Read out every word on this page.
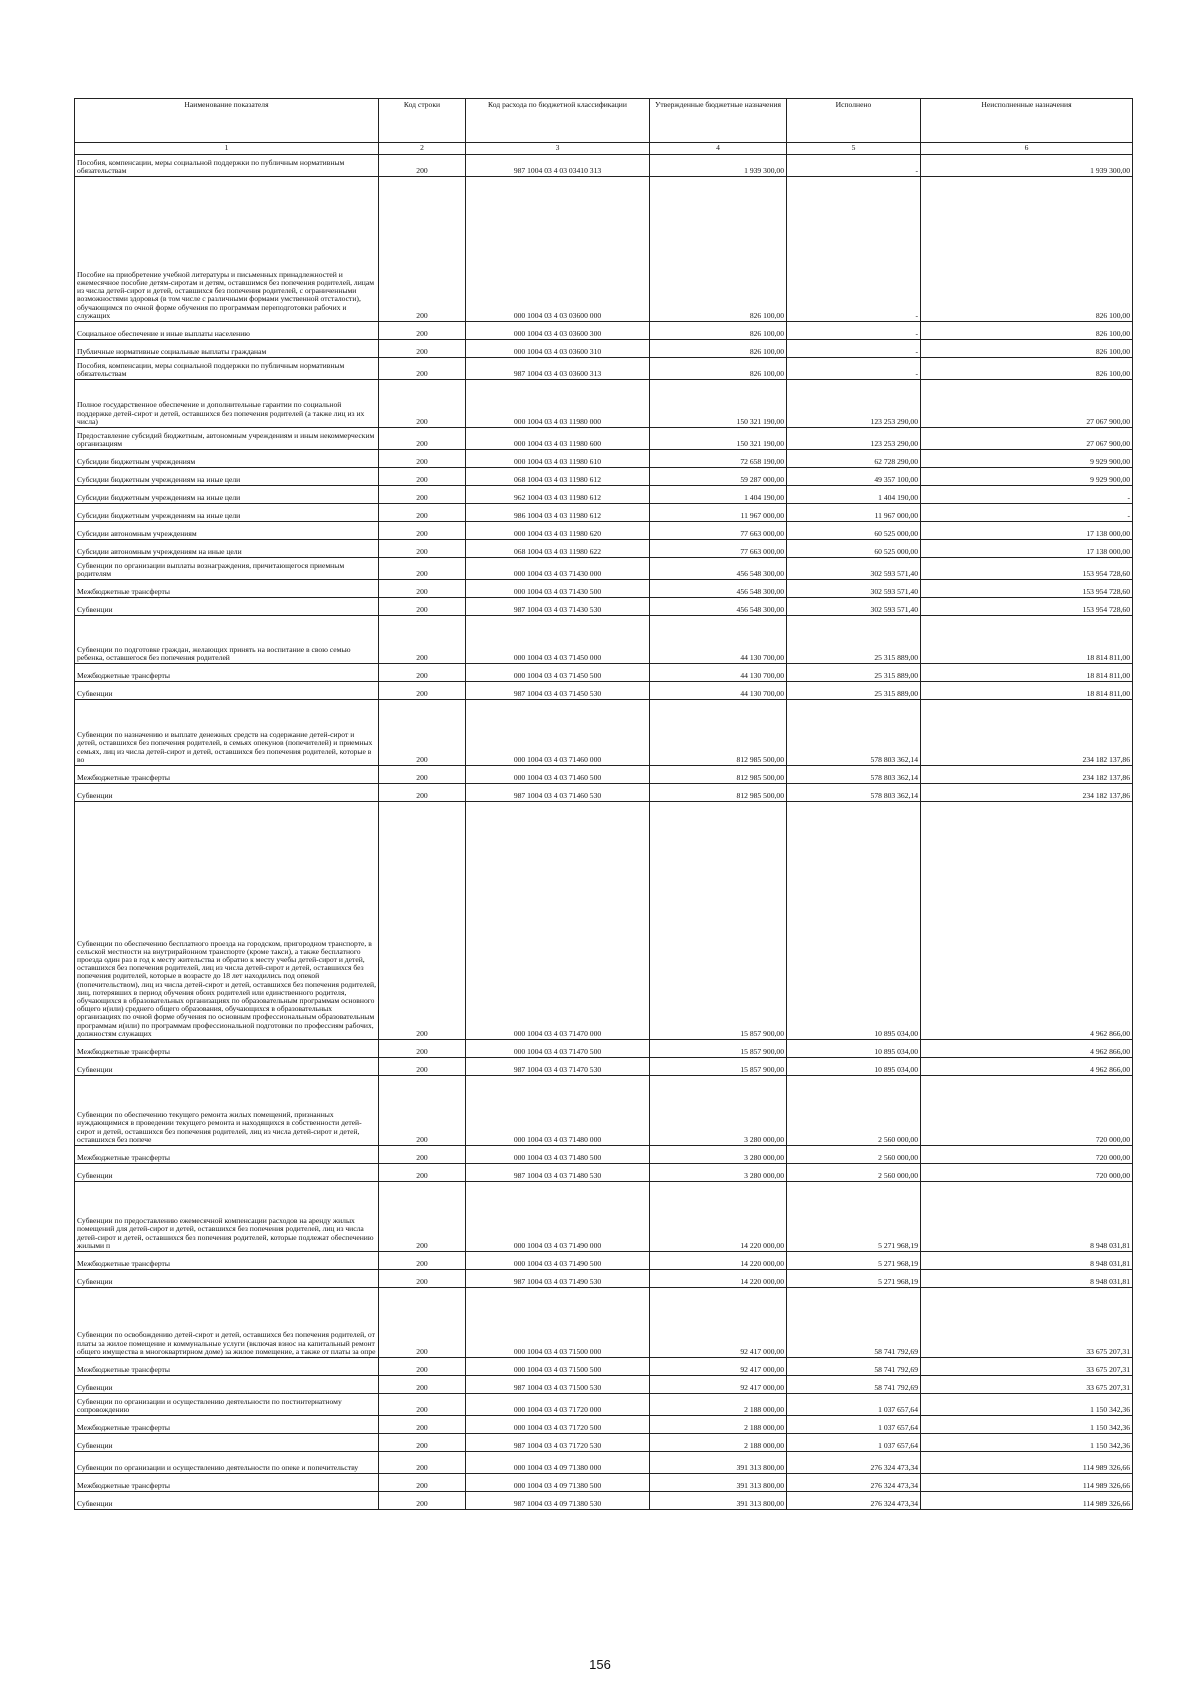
Наименование показателя	Код строки	Код расхода по бюджетной классификации	Утвержденные бюджетные назначения	Исполнено	Неисполненные назначения
1	2	3	4	5	6
Пособия, компенсации, меры социальной поддержки по публичным нормативным обязательствам	200	987 1004 03 4 03 03410 313	1 939 300,00	-	1 939 300,00
Пособие на приобретение учебной литературы и письменных принадлежностей и ежемесячное пособие детям-сиротам и детям, оставшимся без попечения родителей, лицам из числа детей-сирот и детей, оставшихся без попечения родителей, с ограниченными возможностями здоровья (в том числе с различными формами умственной отсталости), обучающимся по очной форме обучения по программам переподготовки рабочих и служащих	200	000 1004 03 4 03 03600 000	826 100,00	-	826 100,00
Социальное обеспечение и иные выплаты населению	200	000 1004 03 4 03 03600 300	826 100,00	-	826 100,00
Публичные нормативные социальные выплаты гражданам	200	000 1004 03 4 03 03600 310	826 100,00	-	826 100,00
Пособия, компенсации, меры социальной поддержки по публичным нормативным обязательствам	200	987 1004 03 4 03 03600 313	826 100,00	-	826 100,00
Полное государственное обеспечение и дополнительные гарантии по социальной поддержке детей-сирот и детей, оставшихся без попечения родителей (а также лиц из их числа)	200	000 1004 03 4 03 11980 000	150 321 190,00	123 253 290,00	27 067 900,00
Предоставление субсидий бюджетным, автономным учреждениям и иным некоммерческим организациям	200	000 1004 03 4 03 11980 600	150 321 190,00	123 253 290,00	27 067 900,00
Субсидии бюджетным учреждениям	200	000 1004 03 4 03 11980 610	72 658 190,00	62 728 290,00	9 929 900,00
Субсидии бюджетным учреждениям на иные цели	200	068 1004 03 4 03 11980 612	59 287 000,00	49 357 100,00	9 929 900,00
Субсидии бюджетным учреждениям на иные цели	200	962 1004 03 4 03 11980 612	1 404 190,00	1 404 190,00	-
Субсидии бюджетным учреждениям на иные цели	200	986 1004 03 4 03 11980 612	11 967 000,00	11 967 000,00	-
Субсидии автономным учреждениям	200	000 1004 03 4 03 11980 620	77 663 000,00	60 525 000,00	17 138 000,00
Субсидии автономным учреждениям на иные цели	200	068 1004 03 4 03 11980 622	77 663 000,00	60 525 000,00	17 138 000,00
Субвенции по организации выплаты вознаграждения, причитающегося приемным родителям	200	000 1004 03 4 03 71430 000	456 548 300,00	302 593 571,40	153 954 728,60
Межбюджетные трансферты	200	000 1004 03 4 03 71430 500	456 548 300,00	302 593 571,40	153 954 728,60
Субвенции	200	987 1004 03 4 03 71430 530	456 548 300,00	302 593 571,40	153 954 728,60
Субвенции по подготовке граждан, желающих принять на воспитание в свою семью ребенка, оставшегося без попечения родителей	200	000 1004 03 4 03 71450 000	44 130 700,00	25 315 889,00	18 814 811,00
Межбюджетные трансферты	200	000 1004 03 4 03 71450 500	44 130 700,00	25 315 889,00	18 814 811,00
Субвенции	200	987 1004 03 4 03 71450 530	44 130 700,00	25 315 889,00	18 814 811,00
Субвенции по назначению и выплате денежных средств на содержание детей-сирот и детей, оставшихся без попечения родителей, в семьях опекунов (попечителей) и приемных семьях, лиц из числа детей-сирот и детей, оставшихся без попечения родителей, которые в во	200	000 1004 03 4 03 71460 000	812 985 500,00	578 803 362,14	234 182 137,86
Межбюджетные трансферты	200	000 1004 03 4 03 71460 500	812 985 500,00	578 803 362,14	234 182 137,86
Субвенции	200	987 1004 03 4 03 71460 530	812 985 500,00	578 803 362,14	234 182 137,86
Субвенции по обеспечению бесплатного проезда на городском, пригородном транспорте, в сельской местности на внутрирайонном транспорте (кроме такси), а также бесплатного проезда один раз в год к месту жительства и обратно к месту учебы детей-сирот и детей, оставшихся без попечения родителей, лиц из числа детей-сирот и детей, оставшихся без попечения родителей, которые в возрасте до 18 лет находились под опекой (попечительством), лиц из числа детей-сирот и детей, оставшихся без попечения родителей, лиц, потерявших в период обучения обоих родителей или единственного родителя, обучающихся в образовательных организациях по образовательным программам основного общего и(или) среднего общего образования, обучающихся в образовательных организациях по очной форме обучения по основным профессиональным образовательным программам и(или) по программам профессиональной подготовки по профессиям рабочих, должностям служащих	200	000 1004 03 4 03 71470 000	15 857 900,00	10 895 034,00	4 962 866,00
Межбюджетные трансферты	200	000 1004 03 4 03 71470 500	15 857 900,00	10 895 034,00	4 962 866,00
Субвенции	200	987 1004 03 4 03 71470 530	15 857 900,00	10 895 034,00	4 962 866,00
Субвенции по обеспечению текущего ремонта жилых помещений, признанных нуждающимися в проведении текущего ремонта и находящихся в собственности детей-сирот и детей, оставшихся без попечения родителей, лиц из числа детей-сирот и детей, оставшихся без попече	200	000 1004 03 4 03 71480 000	3 280 000,00	2 560 000,00	720 000,00
Межбюджетные трансферты	200	000 1004 03 4 03 71480 500	3 280 000,00	2 560 000,00	720 000,00
Субвенции	200	987 1004 03 4 03 71480 530	3 280 000,00	2 560 000,00	720 000,00
Субвенции по предоставлению ежемесячной компенсации расходов на аренду жилых помещений для детей-сирот и детей, оставшихся без попечения родителей, лиц из числа детей-сирот и детей, оставшихся без попечения родителей, которые подлежат обеспечению жилыми п	200	000 1004 03 4 03 71490 000	14 220 000,00	5 271 968,19	8 948 031,81
Межбюджетные трансферты	200	000 1004 03 4 03 71490 500	14 220 000,00	5 271 968,19	8 948 031,81
Субвенции	200	987 1004 03 4 03 71490 530	14 220 000,00	5 271 968,19	8 948 031,81
Субвенции по освобождению детей-сирот и детей, оставшихся без попечения родителей, от платы за жилое помещение и коммунальные услуги (включая взнос на капитальный ремонт общего имущества в многоквартирном доме) за жилое помещение, а также от платы за опре	200	000 1004 03 4 03 71500 000	92 417 000,00	58 741 792,69	33 675 207,31
Межбюджетные трансферты	200	000 1004 03 4 03 71500 500	92 417 000,00	58 741 792,69	33 675 207,31
Субвенции	200	987 1004 03 4 03 71500 530	92 417 000,00	58 741 792,69	33 675 207,31
Субвенции по организации и осуществлению деятельности по постинтернатному сопровождению	200	000 1004 03 4 03 71720 000	2 188 000,00	1 037 657,64	1 150 342,36
Межбюджетные трансферты	200	000 1004 03 4 03 71720 500	2 188 000,00	1 037 657,64	1 150 342,36
Субвенции	200	987 1004 03 4 03 71720 530	2 188 000,00	1 037 657,64	1 150 342,36
Субвенции по организации и осуществлению деятельности по опеке и попечительству	200	000 1004 03 4 09 71380 000	391 313 800,00	276 324 473,34	114 989 326,66
Межбюджетные трансферты	200	000 1004 03 4 09 71380 500	391 313 800,00	276 324 473,34	114 989 326,66
Субвенции	200	987 1004 03 4 09 71380 530	391 313 800,00	276 324 473,34	114 989 326,66
156
